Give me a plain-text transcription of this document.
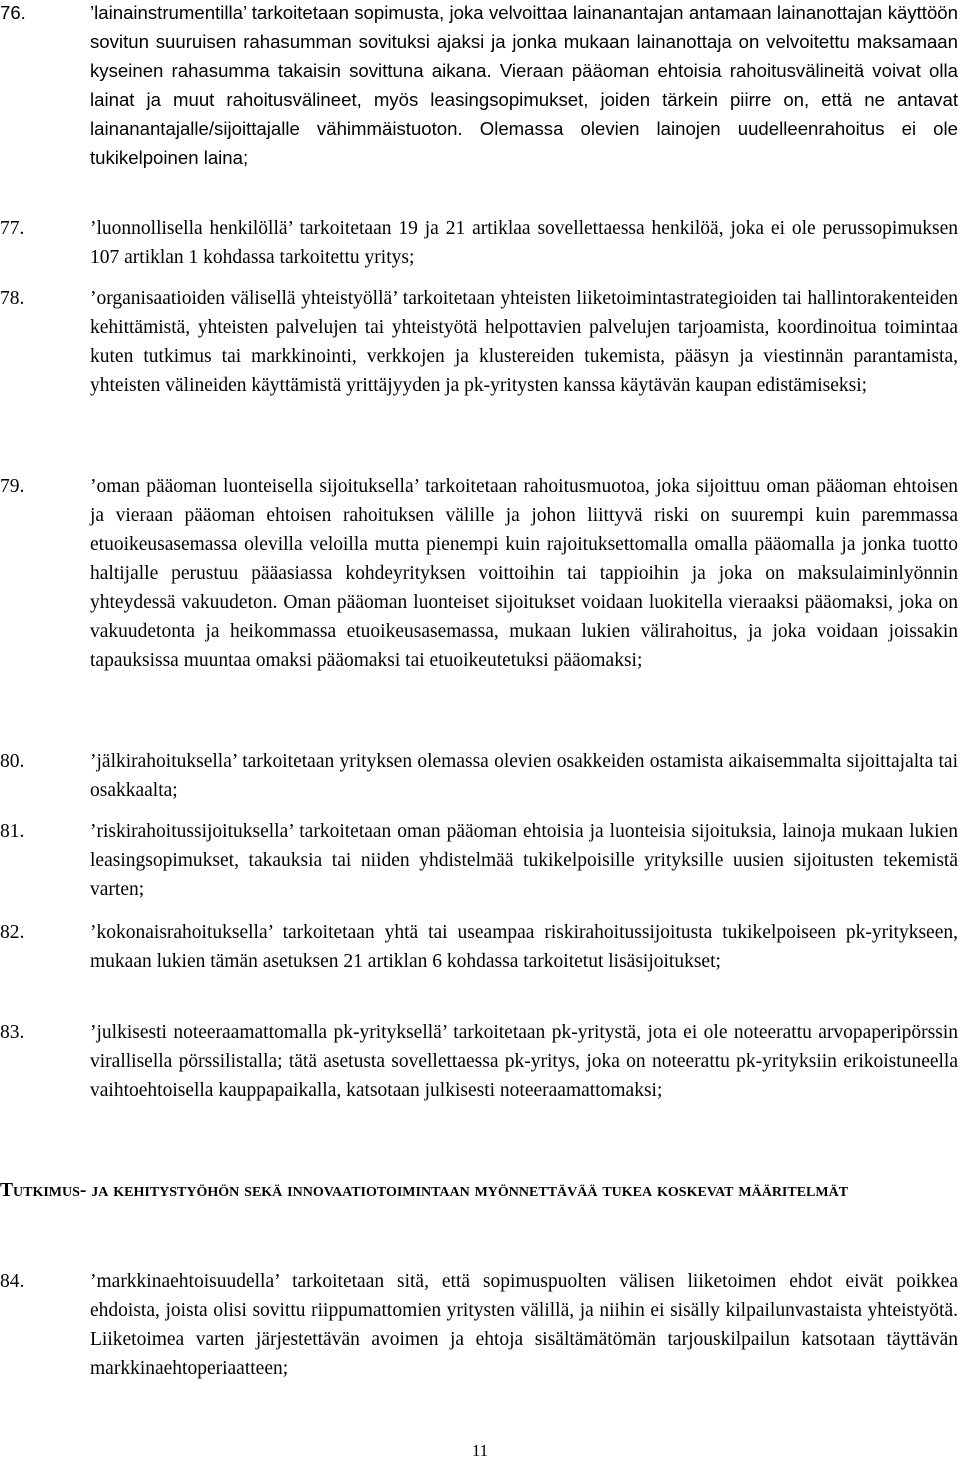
76.	’lainainstrumentilla’ tarkoitetaan sopimusta, joka velvoittaa lainanantajan antamaan lainanottajan käyttöön sovitun suuruisen rahasumman sovituksi ajaksi ja jonka mukaan lainanottaja on velvoitettu maksamaan kyseinen rahasumma takaisin sovittuna aikana. Vieraan pääoman ehtoisia rahoitusvälineitä voivat olla lainat ja muut rahoitusvälineet, myös leasingsopimukset, joiden tärkein piirre on, että ne antavat lainanantajalle/sijoittajalle vähimmäistuoton. Olemassa olevien lainojen uudelleenrahoitus ei ole tukikelpoinen laina;
77.	’luonnollisella henkilöllä’ tarkoitetaan 19 ja 21 artiklaa sovellettaessa henkilöä, joka ei ole perussopimuksen 107 artiklan 1 kohdassa tarkoitettu yritys;
78.	’organisaatioiden välisellä yhteistyöllä’ tarkoitetaan yhteisten liiketoimintastrategioiden tai hallintorakenteiden kehittämistä, yhteisten palvelujen tai yhteistyötä helpottavien palvelujen tarjoamista, koordinoitua toimintaa kuten tutkimus tai markkinointi, verkkojen ja klustereiden tukemista, pääsyn ja viestinnän parantamista, yhteisten välineiden käyttämistä yrittäjyyden ja pk-yritysten kanssa käytävän kaupan edistämiseksi;
79.	’oman pääoman luonteisella sijoituksella’ tarkoitetaan rahoitusmuotoa, joka sijoittuu oman pääoman ehtoisen ja vieraan pääoman ehtoisen rahoituksen välille ja johon liittyvä riski on suurempi kuin paremmassa etuoikeusasemassa olevilla veloilla mutta pienempi kuin rajoituksettomalla omalla pääomalla ja jonka tuotto haltijalle perustuu pääasiassa kohdeyrityksen voittoihin tai tappioihin ja joka on maksulaiminlyönnin yhteydessä vakuudeton. Oman pääoman luonteiset sijoitukset voidaan luokitella vieraaksi pääomaksi, joka on vakuudetonta ja heikommassa etuoikeusasemassa, mukaan lukien välirahoitus, ja joka voidaan joissakin tapauksissa muuntaa omaksi pääomaksi tai etuoikeutetuksi pääomaksi;
80.	’jälkirahoituksella’ tarkoitetaan yrityksen olemassa olevien osakkeiden ostamista aikaisemmalta sijoittajalta tai osakkaalta;
81.	’riskirahoitussijoituksella’ tarkoitetaan oman pääoman ehtoisia ja luonteisia sijoituksia, lainoja mukaan lukien leasingsopimukset, takauksia tai niiden yhdistelmää tukikelpoisille yrityksille uusien sijoitusten tekemistä varten;
82.	’kokonaisrahoituksella’ tarkoitetaan yhtä tai useampaa riskirahoitussijoitusta tukikelpoiseen pk-yritykseen, mukaan lukien tämän asetuksen 21 artiklan 6 kohdassa tarkoitetut lisäsijoitukset;
83.	’julkisesti noteeraamattomalla pk-yrityksellä’ tarkoitetaan pk-yritystä, jota ei ole noteerattu arvopaperipörssin virallisella pörssilistalla; tätä asetusta sovellettaessa pk-yritys, joka on noteerattu pk-yrityksiin erikoistuneella vaihtoehtoisella kauppapaikalla, katsotaan julkisesti noteeraamattomaksi;
Tutkimus- ja kehitystyöhön sekä innovaatiotoimintaan myönnettävää tukea koskevat määritelmät
84.	’markkinaehtoisuudella’ tarkoitetaan sitä, että sopimuspuolten välisen liiketoimen ehdot eivät poikkea ehdoista, joista olisi sovittu riippumattomien yritysten välillä, ja niihin ei sisälly kilpailunvastaista yhteistyötä. Liiketoimea varten järjestettävän avoimen ja ehtoja sisältämätömän tarjouskilpailun katsotaan täyttävän markkinaehtoperiaatteen;
11
